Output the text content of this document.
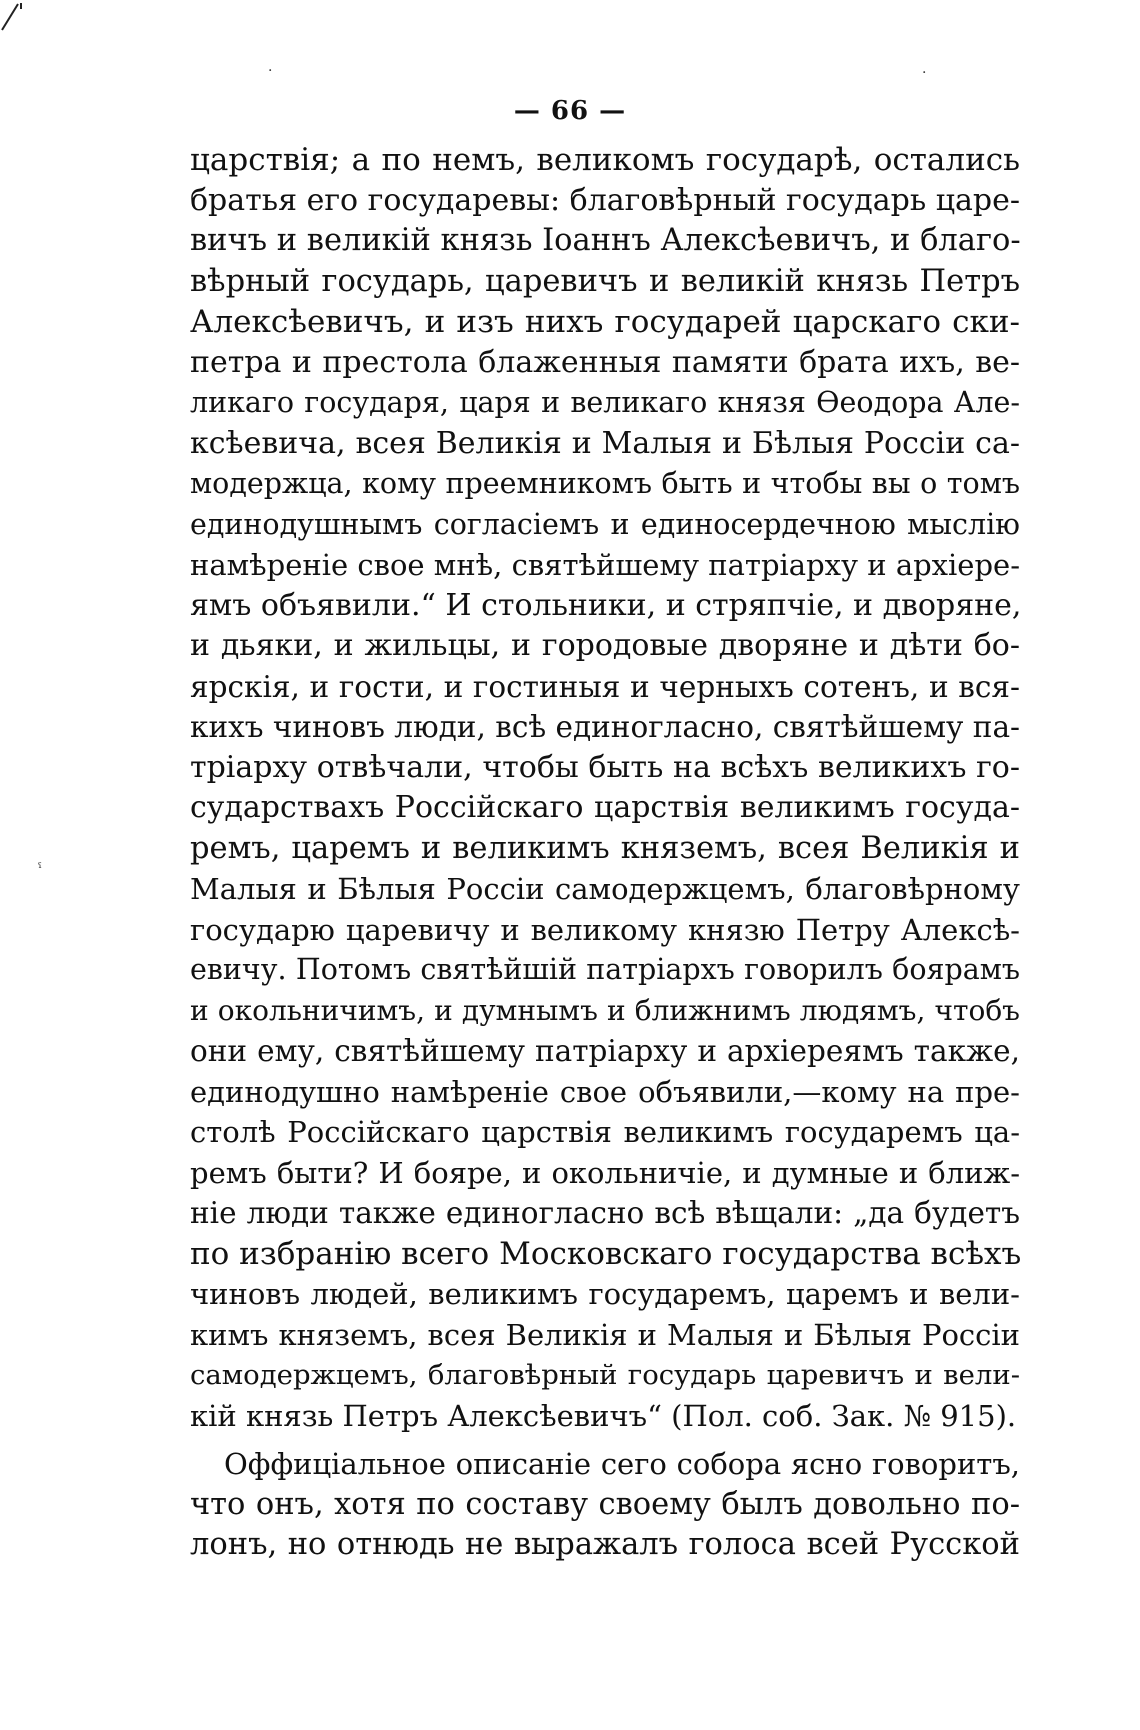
·	·
ˁ
— 66 —
царствія; а по немъ, великомъ государѣ, остались
братья его государевы: благовѣрный государь царе-
вичъ и великій князь Іоаннъ Алексѣевичъ, и благо-
вѣрный государь, царевичъ и великій князь Петръ
Алексѣевичъ, и изъ нихъ государей царскаго ски-
петра и престола блаженныя памяти брата ихъ, ве-
ликаго государя, царя и великаго князя Ѳеодора Але-
ксѣевича, всея Великія и Малыя и Бѣлыя Россіи са-
модержца, кому преемникомъ быть и чтобы вы о томъ
единодушнымъ согласіемъ и единосердечною мыслію
намѣреніе свое мнѣ, святѣйшему патріарху и архіере-
ямъ объявили.“ И стольники, и стряпчіе, и дворяне,
и дьяки, и жильцы, и городовые дворяне и дѣти бо-
ярскія, и гости, и гостиныя и черныхъ сотенъ, и вся-
кихъ чиновъ люди, всѣ единогласно, святѣйшему па-
тріарху отвѣчали, чтобы быть на всѣхъ великихъ го-
сударствахъ Россійскаго царствія великимъ госуда-
ремъ, царемъ и великимъ княземъ, всея Великія и
Малыя и Бѣлыя Россіи самодержцемъ, благовѣрному
государю царевичу и великому князю Петру Алексѣ-
евичу. Потомъ святѣйшій патріархъ говорилъ боярамъ
и окольничимъ, и думнымъ и ближнимъ людямъ, чтобъ
они ему, святѣйшему патріарху и архіереямъ также,
единодушно намѣреніе свое объявили,—кому на пре-
столѣ Россійскаго царствія великимъ государемъ ца-
ремъ быти? И бояре, и окольничіе, и думные и ближ-
ніе люди также единогласно всѣ вѣщали: „да будетъ
по избранію всего Московскаго государства всѣхъ
чиновъ людей, великимъ государемъ, царемъ и вели-
кимъ княземъ, всея Великія и Малыя и Бѣлыя Россіи
самодержцемъ, благовѣрный государь царевичъ и вели-
кій князь Петръ Алексѣевичъ“ (Пол. соб. Зак. № 915).
Оффиціальное описаніе сего собора ясно говоритъ,
что онъ, хотя по составу своему былъ довольно по-
лонъ, но отнюдь не выражалъ голоса всей Русской
